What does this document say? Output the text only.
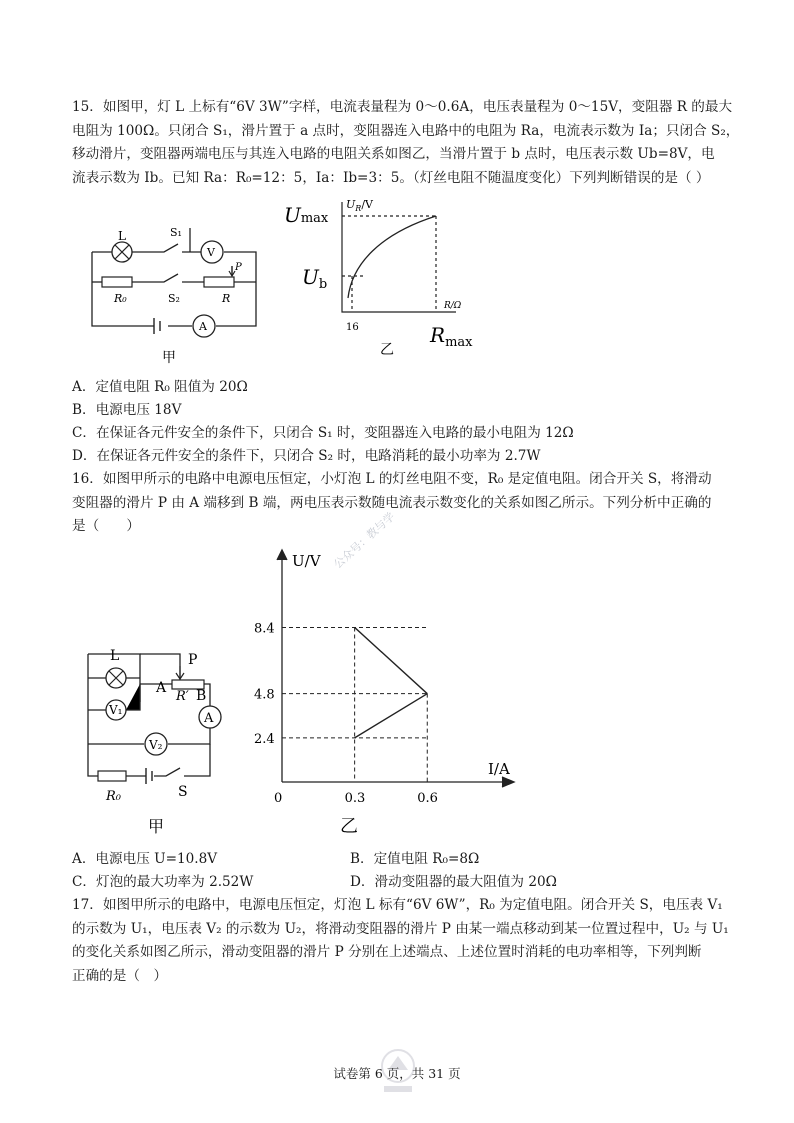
15．如图甲，灯 L 上标有“6V 3W”字样，电流表量程为 0～0.6A，电压表量程为 0～15V，变阻器 R 的最大
电阻为 100Ω。只闭合 S₁，滑片置于 a 点时，变阻器连入电路中的电阻为 Ra，电流表示数为 Ia；只闭合 S₂，
移动滑片，变阻器两端电压与其连入电路的电阻关系如图乙，当滑片置于 b 点时，电压表示数 Ub=8V，电
流表示数为 Ib。已知 Ra：R₀=12：5，Ia：Ib=3：5。（灯丝电阻不随温度变化）下列判断错误的是（ ）
L	S₁
V
P
R₀	S₂	R
A
甲
Umax
$U_b$
$U_R/V$
R/Ω
16	$R_{max}$
乙
A．定值电阻 R₀ 阻值为 20Ω
B．电源电压 18V
C．在保证各元件安全的条件下，只闭合 S₁ 时，变阻器连入电路的最小电阻为 12Ω
D．在保证各元件安全的条件下，只闭合 S₂ 时，电路消耗的最小功率为 2.7W
16．如图甲所示的电路中电源电压恒定，小灯泡 L 的灯丝电阻不变，R₀ 是定值电阻。闭合开关 S，将滑动
变阻器的滑片 P 由 A 端移到 B 端，两电压表示数随电流表示数变化的关系如图乙所示。下列分析中正确的
是（　　）
L	P
A
R′ B
V₁
A
V₂
R₀	S
甲
2.4
4.8
8.4
0.3	0.6
U/V
I/A
0
乙
公众号：教与学
A．电源电压 U=10.8V	B．定值电阻 R₀=8Ω
C．灯泡的最大功率为 2.52W	D．滑动变阻器的最大阻值为 20Ω
17．如图甲所示的电路中，电源电压恒定，灯泡 L 标有“6V 6W”，R₀ 为定值电阻。闭合开关 S，电压表 V₁
的示数为 U₁，电压表 V₂ 的示数为 U₂，将滑动变阻器的滑片 P 由某一端点移动到某一位置过程中，U₂ 与 U₁
的变化关系如图乙所示，滑动变阻器的滑片 P 分别在上述端点、上述位置时消耗的电功率相等，下列判断
正确的是（　）
试卷第 6 页，共 31 页
